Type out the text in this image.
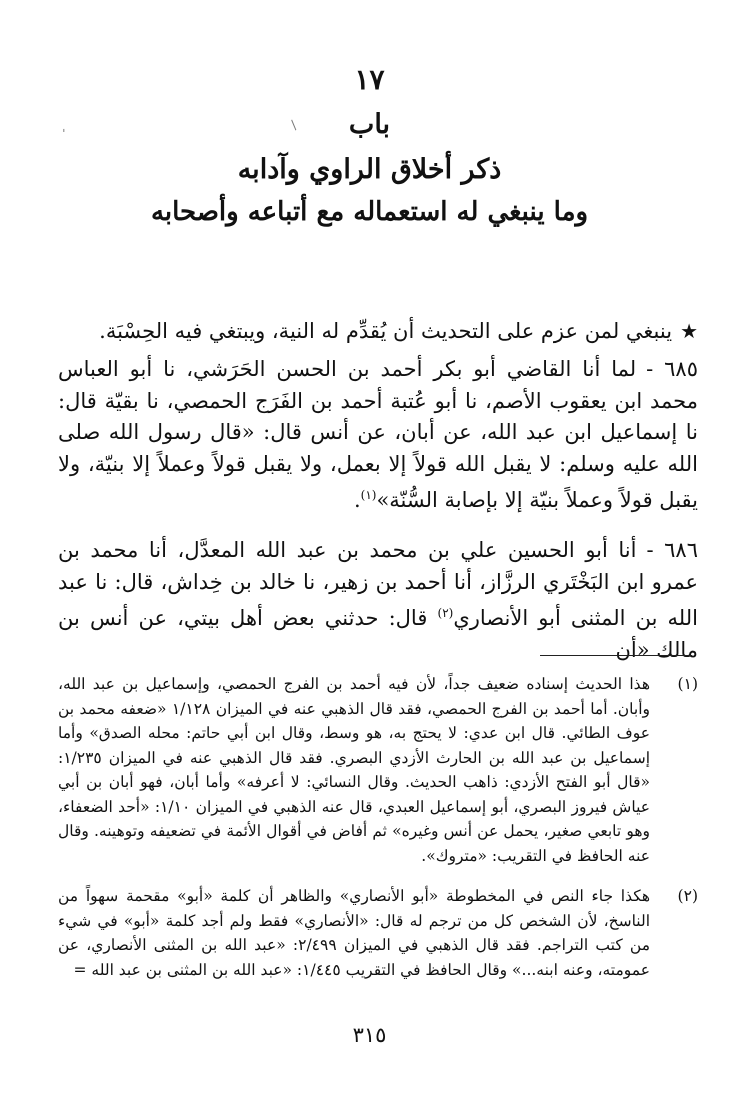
ˈ
/
١٧
باب
ذكر أخلاق الراوي وآدابه
وما ينبغي له استعماله مع أتباعه وأصحابه
★ينبغي لمن عزم على التحديث أن يُقدِّم له النية، ويبتغي فيه الحِسْبَة.
٦٨٥ -لما أنا القاضي أبو بكر أحمد بن الحسن الحَرَشي، نا أبو العباس محمد ابن يعقوب الأصم، نا أبو عُتبة أحمد بن الفَرَج الحمصي، نا بقيّة قال: نا إسماعيل ابن عبد الله، عن أبان، عن أنس قال: «قال رسول الله صلى الله عليه وسلم: لا يقبل الله قولاً إلا بعمل، ولا يقبل قولاً وعملاً إلا بنيّة، ولا يقبل قولاً وعملاً بنيّة إلا بإصابة السُّنّة»$^{(١)}$.
٦٨٦ -أنا أبو الحسين علي بن محمد بن عبد الله المعدَّل، أنا محمد بن عمرو ابن البَخْتَري الرزَّاز، أنا أحمد بن زهير، نا خالد بن خِداش، قال: نا عبد الله بن المثنى أبو الأنصاري$^{(٢)}$ قال: حدثني بعض أهل بيتي، عن أنس بن مالك «أن
(١)
هذا الحديث إسناده ضعيف جداً، لأن فيه أحمد بن الفرج الحمصي، وإسماعيل بن عبد الله، وأبان. أما أحمد بن الفرج الحمصي، فقد قال الذهبي عنه في الميزان ١/١٢٨ «ضعفه محمد بن عوف الطائي. قال ابن عدي: لا يحتج به، هو وسط، وقال ابن أبي حاتم: محله الصدق» وأما إسماعيل بن عبد الله بن الحارث الأزدي البصري. فقد قال الذهبي عنه في الميزان ١/٢٣٥: «قال أبو الفتح الأزدي: ذاهب الحديث. وقال النسائي: لا أعرفه» وأما أبان، فهو أبان بن أبي عياش فيروز البصري، أبو إسماعيل العبدي، قال عنه الذهبي في الميزان ١/١٠: «أحد الضعفاء، وهو تابعي صغير، يحمل عن أنس وغيره» ثم أفاض في أقوال الأئمة في تضعيفه وتوهينه. وقال عنه الحافظ في التقريب: «متروك».
(٢)
هكذا جاء النص في المخطوطة «أبو الأنصاري» والظاهر أن كلمة «أبو» مقحمة سهواً من الناسخ، لأن الشخص كل من ترجم له قال: «الأنصاري» فقط ولم أجد كلمة «أبو» في شيء من كتب التراجم. فقد قال الذهبي في الميزان ٢/٤٩٩: «عبد الله بن المثنى الأنصاري، عن عمومته، وعنه ابنه...» وقال الحافظ في التقريب ١/٤٤٥: «عبد الله بن المثنى بن عبد الله =
٣١٥
